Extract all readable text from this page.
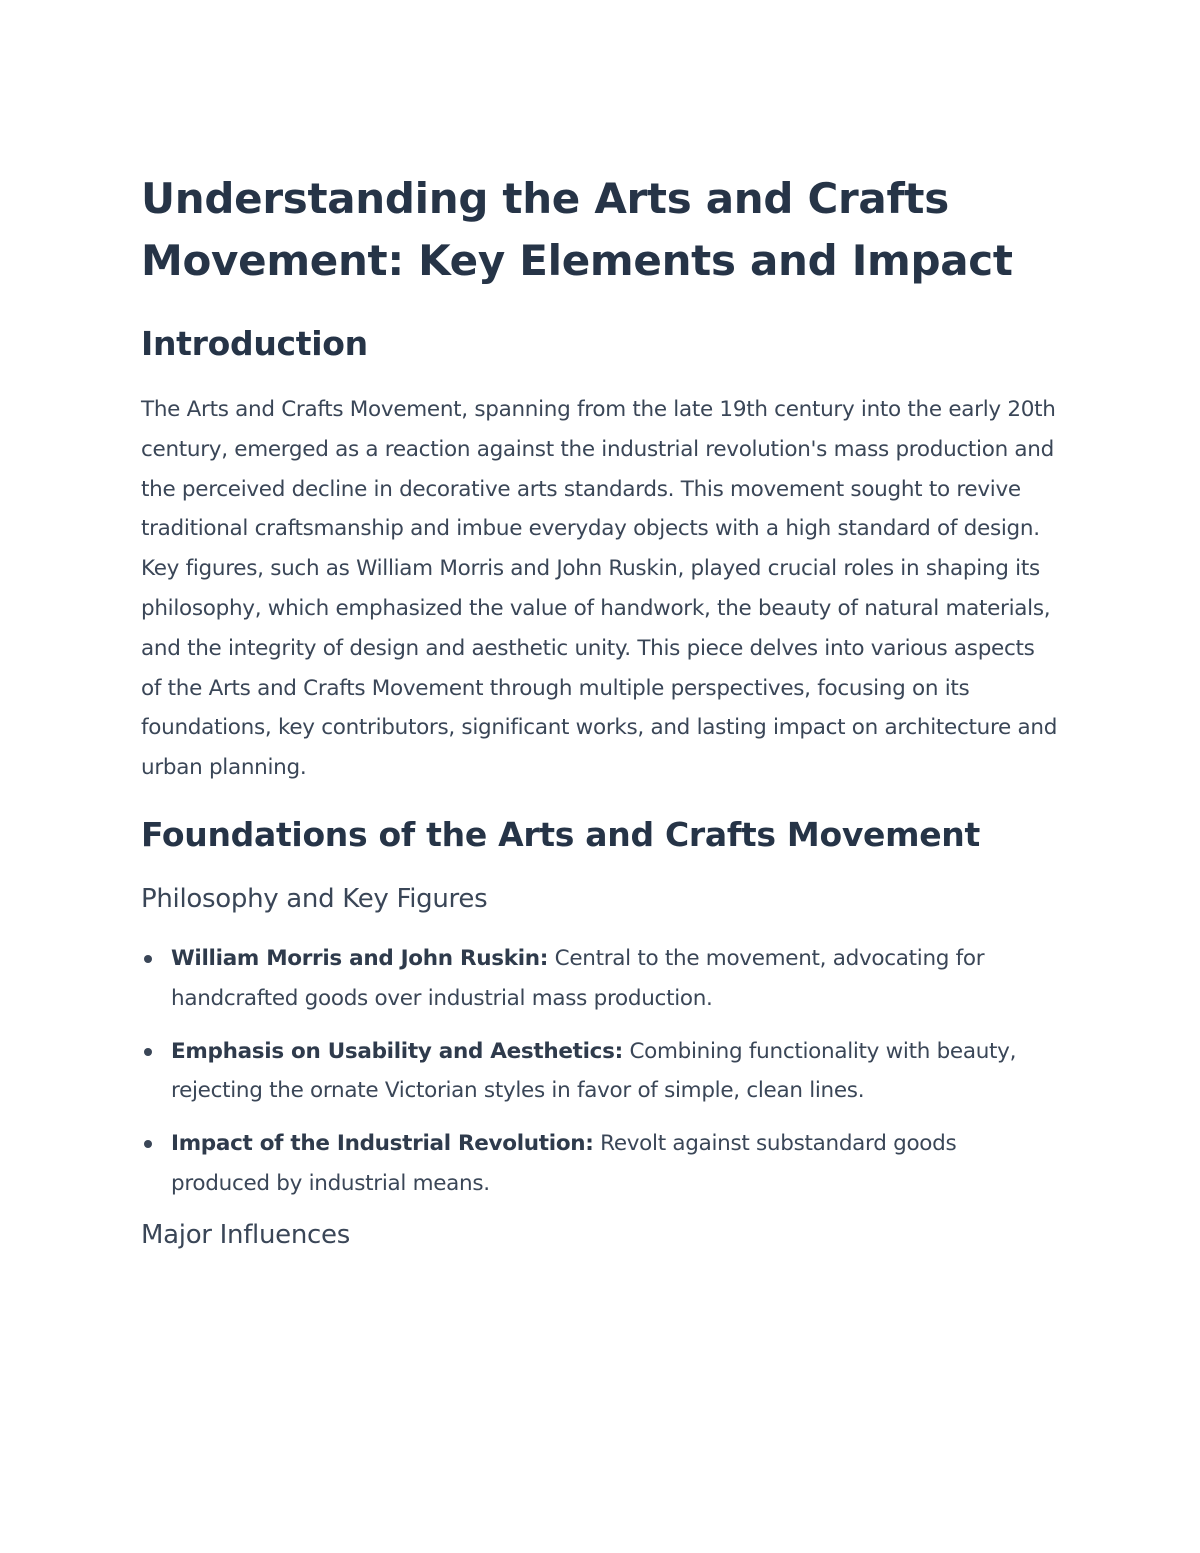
Understanding the Arts and Crafts Movement: Key Elements and Impact
Introduction

The Arts and Crafts Movement, spanning from the late 19th century into the early 20th century, emerged as a reaction against the industrial revolution's mass production and the perceived decline in decorative arts standards. This movement sought to revive traditional craftsmanship and imbue everyday objects with a high standard of design. Key figures, such as William Morris and John Ruskin, played crucial roles in shaping its philosophy, which emphasized the value of handwork, the beauty of natural materials, and the integrity of design and aesthetic unity. This piece delves into various aspects of the Arts and Crafts Movement through multiple perspectives, focusing on its foundations, key contributors, significant works, and lasting impact on architecture and urban planning.

Foundations of the Arts and Crafts Movement
Philosophy and Key Figures
William Morris and John Ruskin: Central to the movement, advocating for handcrafted goods over industrial mass production.
Emphasis on Usability and Aesthetics: Combining functionality with beauty, rejecting the ornate Victorian styles in favor of simple, clean lines.
Impact of the Industrial Revolution: Revolt against substandard goods produced by industrial means.
Major Influences
